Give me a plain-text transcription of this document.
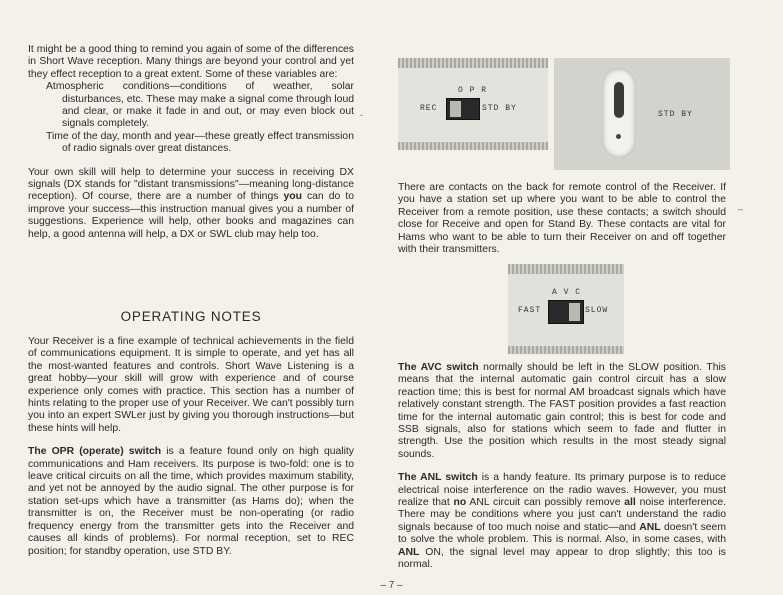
It might be a good thing to remind you again of some of the differences in Short Wave reception. Many things are beyond your control and yet they effect reception to a great extent. Some of these variables are:

Atmospheric conditions—conditions of weather, solar disturbances, etc. These may make a signal come through loud and clear, or make it fade in and out, or may even block out signals completely.

Time of the day, month and year—these greatly effect transmission of radio signals over great distances.

Your own skill will help to determine your success in receiving DX signals (DX stands for "distant transmissions"—meaning long-distance reception). Of course, there are a number of things you can do to improve your success—this instruction manual gives you a number of suggestions. Experience will help, other books and magazines can help, a good antenna will help, a DX or SWL club may help too.

OPERATING NOTES

Your Receiver is a fine example of technical achievements in the field of communications equipment. It is simple to operate, and yet has all the most-wanted features and controls. Short Wave Listening is a great hobby—your skill will grow with experience and of course experience only comes with practice. This section has a number of hints relating to the proper use of your Receiver. We can't possibly turn you into an expert SWLer just by giving you thorough instructions—but these hints will help.

The OPR (operate) switch is a feature found only on high quality communications and Ham receivers. Its purpose is two-fold: one is to leave critical circuits on all the time, which provides maximum stability, and yet not be annoyed by the audio signal. The other purpose is for station set-ups which have a transmitter (as Hams do); when the transmitter is on, the Receiver must be non-operating (or radio frequency energy from the transmitter gets into the Receiver and causes all kinds of problems). For normal reception, set to REC position; for standby operation, use STD BY.

O P R
REC	STD BY
STD BY

There are contacts on the back for remote control of the Receiver. If you have a station set up where you want to be able to control the Receiver from a remote position, use these contacts; a switch should close for Receive and open for Stand By. These contacts are vital for Hams who want to be able to turn their Receiver on and off together with their transmitters.

A V C
FAST	SLOW

The AVC switch normally should be left in the SLOW position. This means that the internal automatic gain control circuit has a slow reaction time; this is best for normal AM broadcast signals which have relatively constant strength. The FAST position provides a fast reaction time for the internal automatic gain control; this is best for code and SSB signals, also for stations which seem to fade and flutter in strength. Use the position which results in the most steady signal sounds.

The ANL switch is a handy feature. Its primary purpose is to reduce electrical noise interference on the radio waves. However, you must realize that no ANL circuit can possibly remove all noise interference. There may be conditions where you just can't understand the radio signals because of too much noise and static—and ANL doesn't seem to solve the whole problem. This is normal. Also, in some cases, with ANL ON, the signal level may appear to drop slightly; this too is normal.

-
–
– 7 –
